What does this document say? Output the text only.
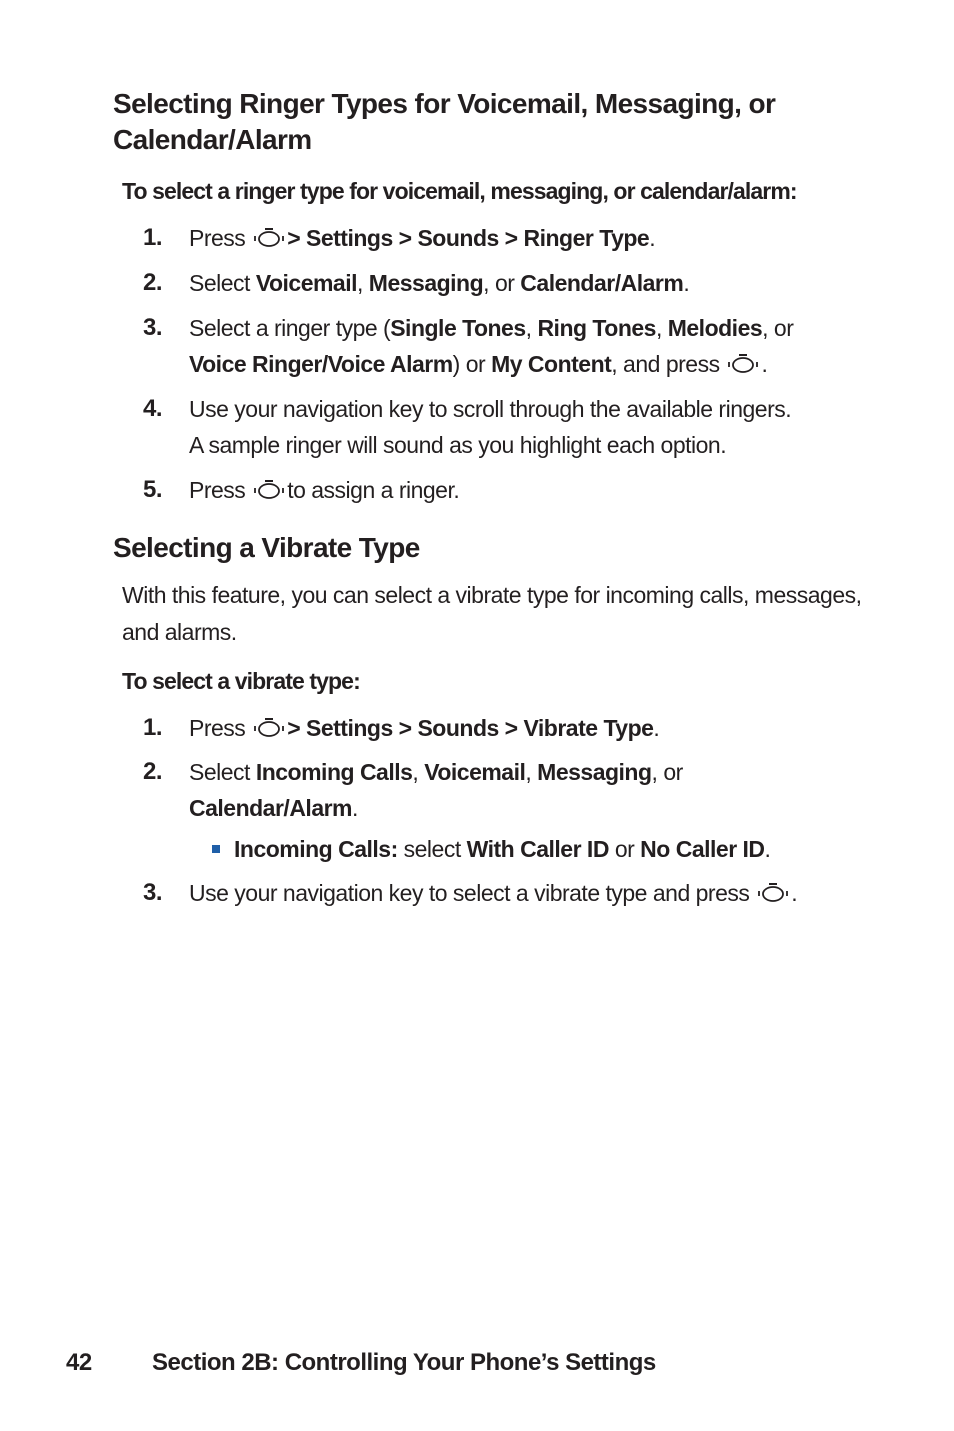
Selecting Ringer Types for Voicemail, Messaging, or Calendar/Alarm

To select a ringer type for voicemail, messaging, or calendar/alarm:

1. Press > Settings > Sounds > Ringer Type.
2. Select Voicemail, Messaging, or Calendar/Alarm.
3. Select a ringer type (Single Tones, Ring Tones, Melodies, or
Voice Ringer/Voice Alarm) or My Content, and press .
4. Use your navigation key to scroll through the available ringers.
A sample ringer will sound as you highlight each option.
5. Press to assign a ringer.
Selecting a Vibrate Type

With this feature, you can select a vibrate type for incoming calls, messages, and alarms.

To select a vibrate type:

1. Press > Settings > Sounds > Vibrate Type.
2. Select Incoming Calls, Voicemail, Messaging, or
Calendar/Alarm.
Incoming Calls: select With Caller ID or No Caller ID.
3. Use your navigation key to select a vibrate type and press .
42	Section 2B: Controlling Your Phone’s Settings
